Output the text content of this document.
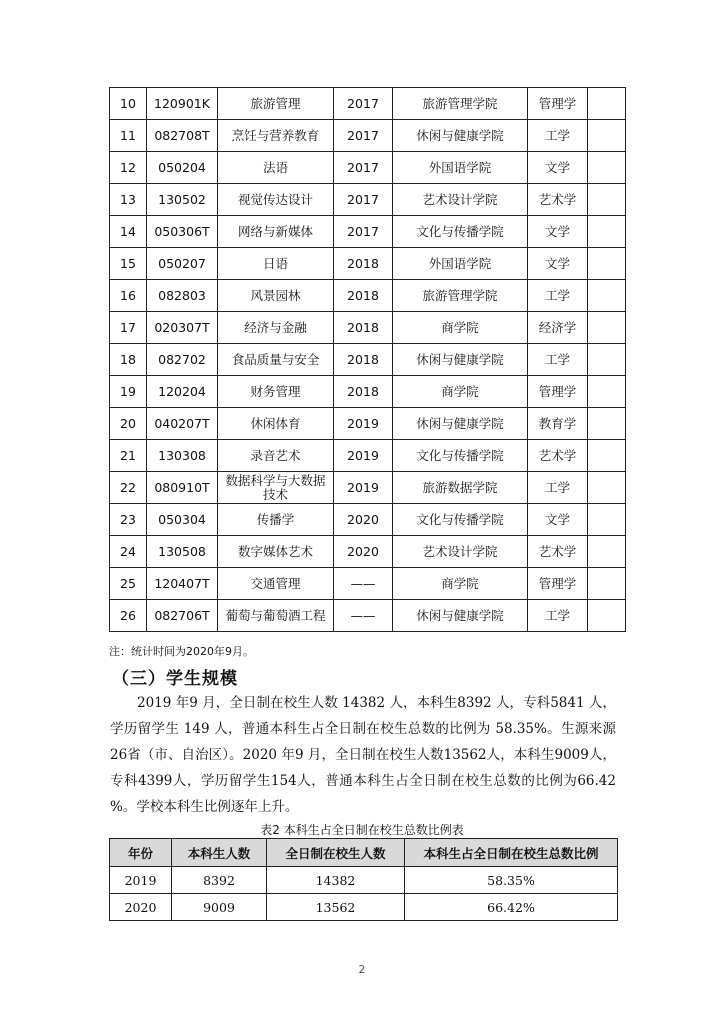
10	120901K	旅游管理	2017	旅游管理学院	管理学	
11	082708T	烹饪与营养教育	2017	休闲与健康学院	工学	
12	050204	法语	2017	外国语学院	文学	
13	130502	视觉传达设计	2017	艺术设计学院	艺术学	
14	050306T	网络与新媒体	2017	文化与传播学院	文学	
15	050207	日语	2018	外国语学院	文学	
16	082803	风景园林	2018	旅游管理学院	工学	
17	020307T	经济与金融	2018	商学院	经济学	
18	082702	食品质量与安全	2018	休闲与健康学院	工学	
19	120204	财务管理	2018	商学院	管理学	
20	040207T	休闲体育	2019	休闲与健康学院	教育学	
21	130308	录音艺术	2019	文化与传播学院	艺术学	
22	080910T	数据科学与大数据技术	2019	旅游数据学院	工学	
23	050304	传播学	2020	文化与传播学院	文学	
24	130508	数字媒体艺术	2020	艺术设计学院	艺术学	
25	120407T	交通管理	——	商学院	管理学	
26	082706T	葡萄与葡萄酒工程	——	休闲与健康学院	工学	
注：统计时间为2020年9月。
（三）学生规模
  2019 年9 月，全日制在校生人数 14382 人，本科生8392 人，专科5841 人，学历留学生 149 人，普通本科生占全日制在校生总数的比例为 58.35%。生源来源26省（市、自治区）。2020 年9 月，全日制在校生人数13562人，本科生9009人，专科4399人，学历留学生154人，普通本科生占全日制在校生总数的比例为66.42 %。学校本科生比例逐年上升。
表2 本科生占全日制在校生总数比例表
年份	本科生人数	全日制在校生人数	本科生占全日制在校生总数比例
2019	8392	14382	58.35%
2020	9009	13562	66.42%
2
